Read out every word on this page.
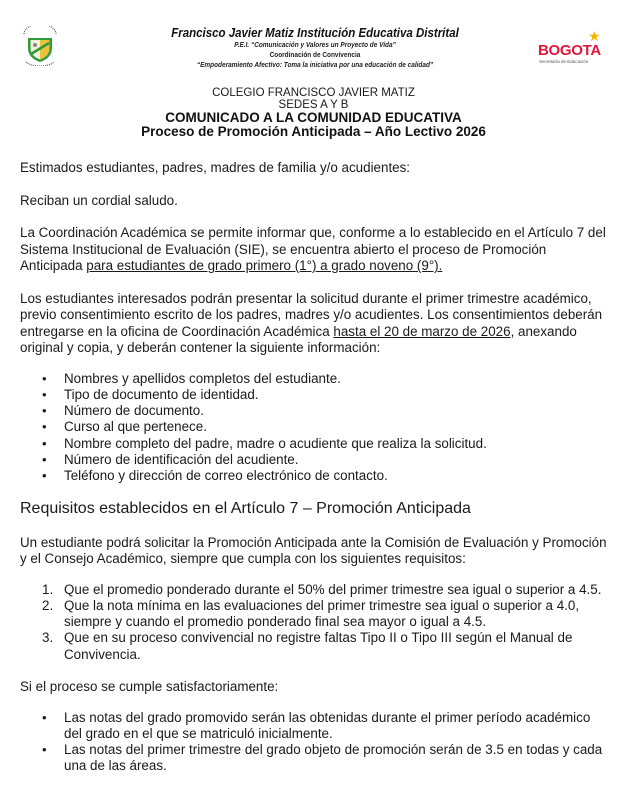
Francisco Javier Matiz Institución Educativa Distrital
P.E.I. “Comunicación y Valores un Proyecto de Vida”
Coordinación de Convivencia
“Empoderamiento Afectivo: Toma la iniciativa por una educación de calidad”
★
BOGOTA
Secretaría de Educación
COLEGIO FRANCISCO JAVIER MATIZ
SEDES A Y B
COMUNICADO A LA COMUNIDAD EDUCATIVA
Proceso de Promoción Anticipada – Año Lectivo 2026

Estimados estudiantes, padres, madres de familia y/o acudientes:

Reciban un cordial saludo.

La Coordinación Académica se permite informar que, conforme a lo establecido en el Artículo 7 del Sistema Institucional de Evaluación (SIE), se encuentra abierto el proceso de Promoción Anticipada para estudiantes de grado primero (1°) a grado noveno (9°).

Los estudiantes interesados podrán presentar la solicitud durante el primer trimestre académico, previo consentimiento escrito de los padres, madres y/o acudientes. Los consentimientos deberán entregarse en la oficina de Coordinación Académica hasta el 20 de marzo de 2026, anexando original y copia, y deberán contener la siguiente información:

• Nombres y apellidos completos del estudiante.
• Tipo de documento de identidad.
• Número de documento.
• Curso al que pertenece.
• Nombre completo del padre, madre o acudiente que realiza la solicitud.
• Número de identificación del acudiente.
• Teléfono y dirección de correo electrónico de contacto.
Requisitos establecidos en el Artículo 7 – Promoción Anticipada

Un estudiante podrá solicitar la Promoción Anticipada ante la Comisión de Evaluación y Promoción y el Consejo Académico, siempre que cumpla con los siguientes requisitos:

1. Que el promedio ponderado durante el 50% del primer trimestre sea igual o superior a 4.5.
2. Que la nota mínima en las evaluaciones del primer trimestre sea igual o superior a 4.0, siempre y cuando el promedio ponderado final sea mayor o igual a 4.5.
3. Que en su proceso convivencial no registre faltas Tipo II o Tipo III según el Manual de Convivencia.

Si el proceso se cumple satisfactoriamente:

• Las notas del grado promovido serán las obtenidas durante el primer período académico del grado en el que se matriculó inicialmente.
• Las notas del primer trimestre del grado objeto de promoción serán de 3.5 en todas y cada una de las áreas.
